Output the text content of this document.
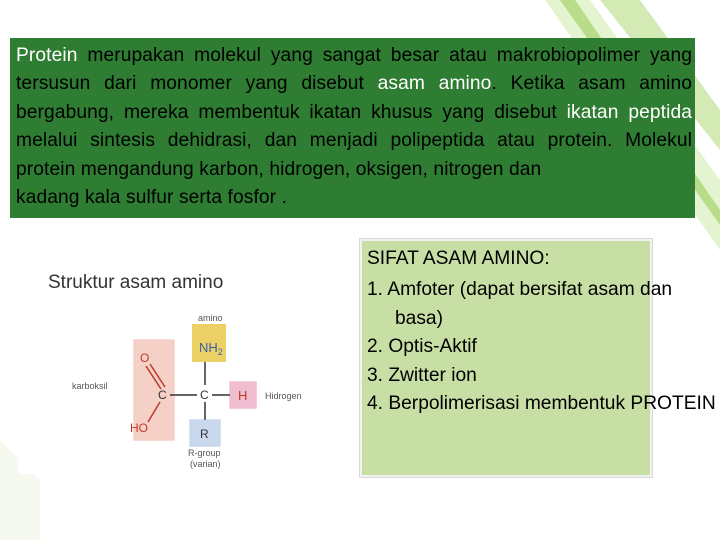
Protein merupakan molekul yang sangat besar atau makrobiopolimer yang tersusun dari monomer yang disebut asam amino. Ketika asam amino bergabung, mereka membentuk ikatan khusus yang disebut ikatan peptida melalui sintesis dehidrasi, dan menjadi polipeptida atau protein. Molekul protein mengandung karbon, hidrogen, oksigen, nitrogen dan
kadang kala sulfur serta fosfor .

Struktur asam amino
amino
$NH_2$
karboksil
O
C
HO
C H Hidrogen
R
R-group
(varian)
SIFAT ASAM AMINO:
1. Amfoter (dapat bersifat asam dan basa)
2. Optis-Aktif
3. Zwitter ion
4. Berpolimerisasi membentuk PROTEIN
